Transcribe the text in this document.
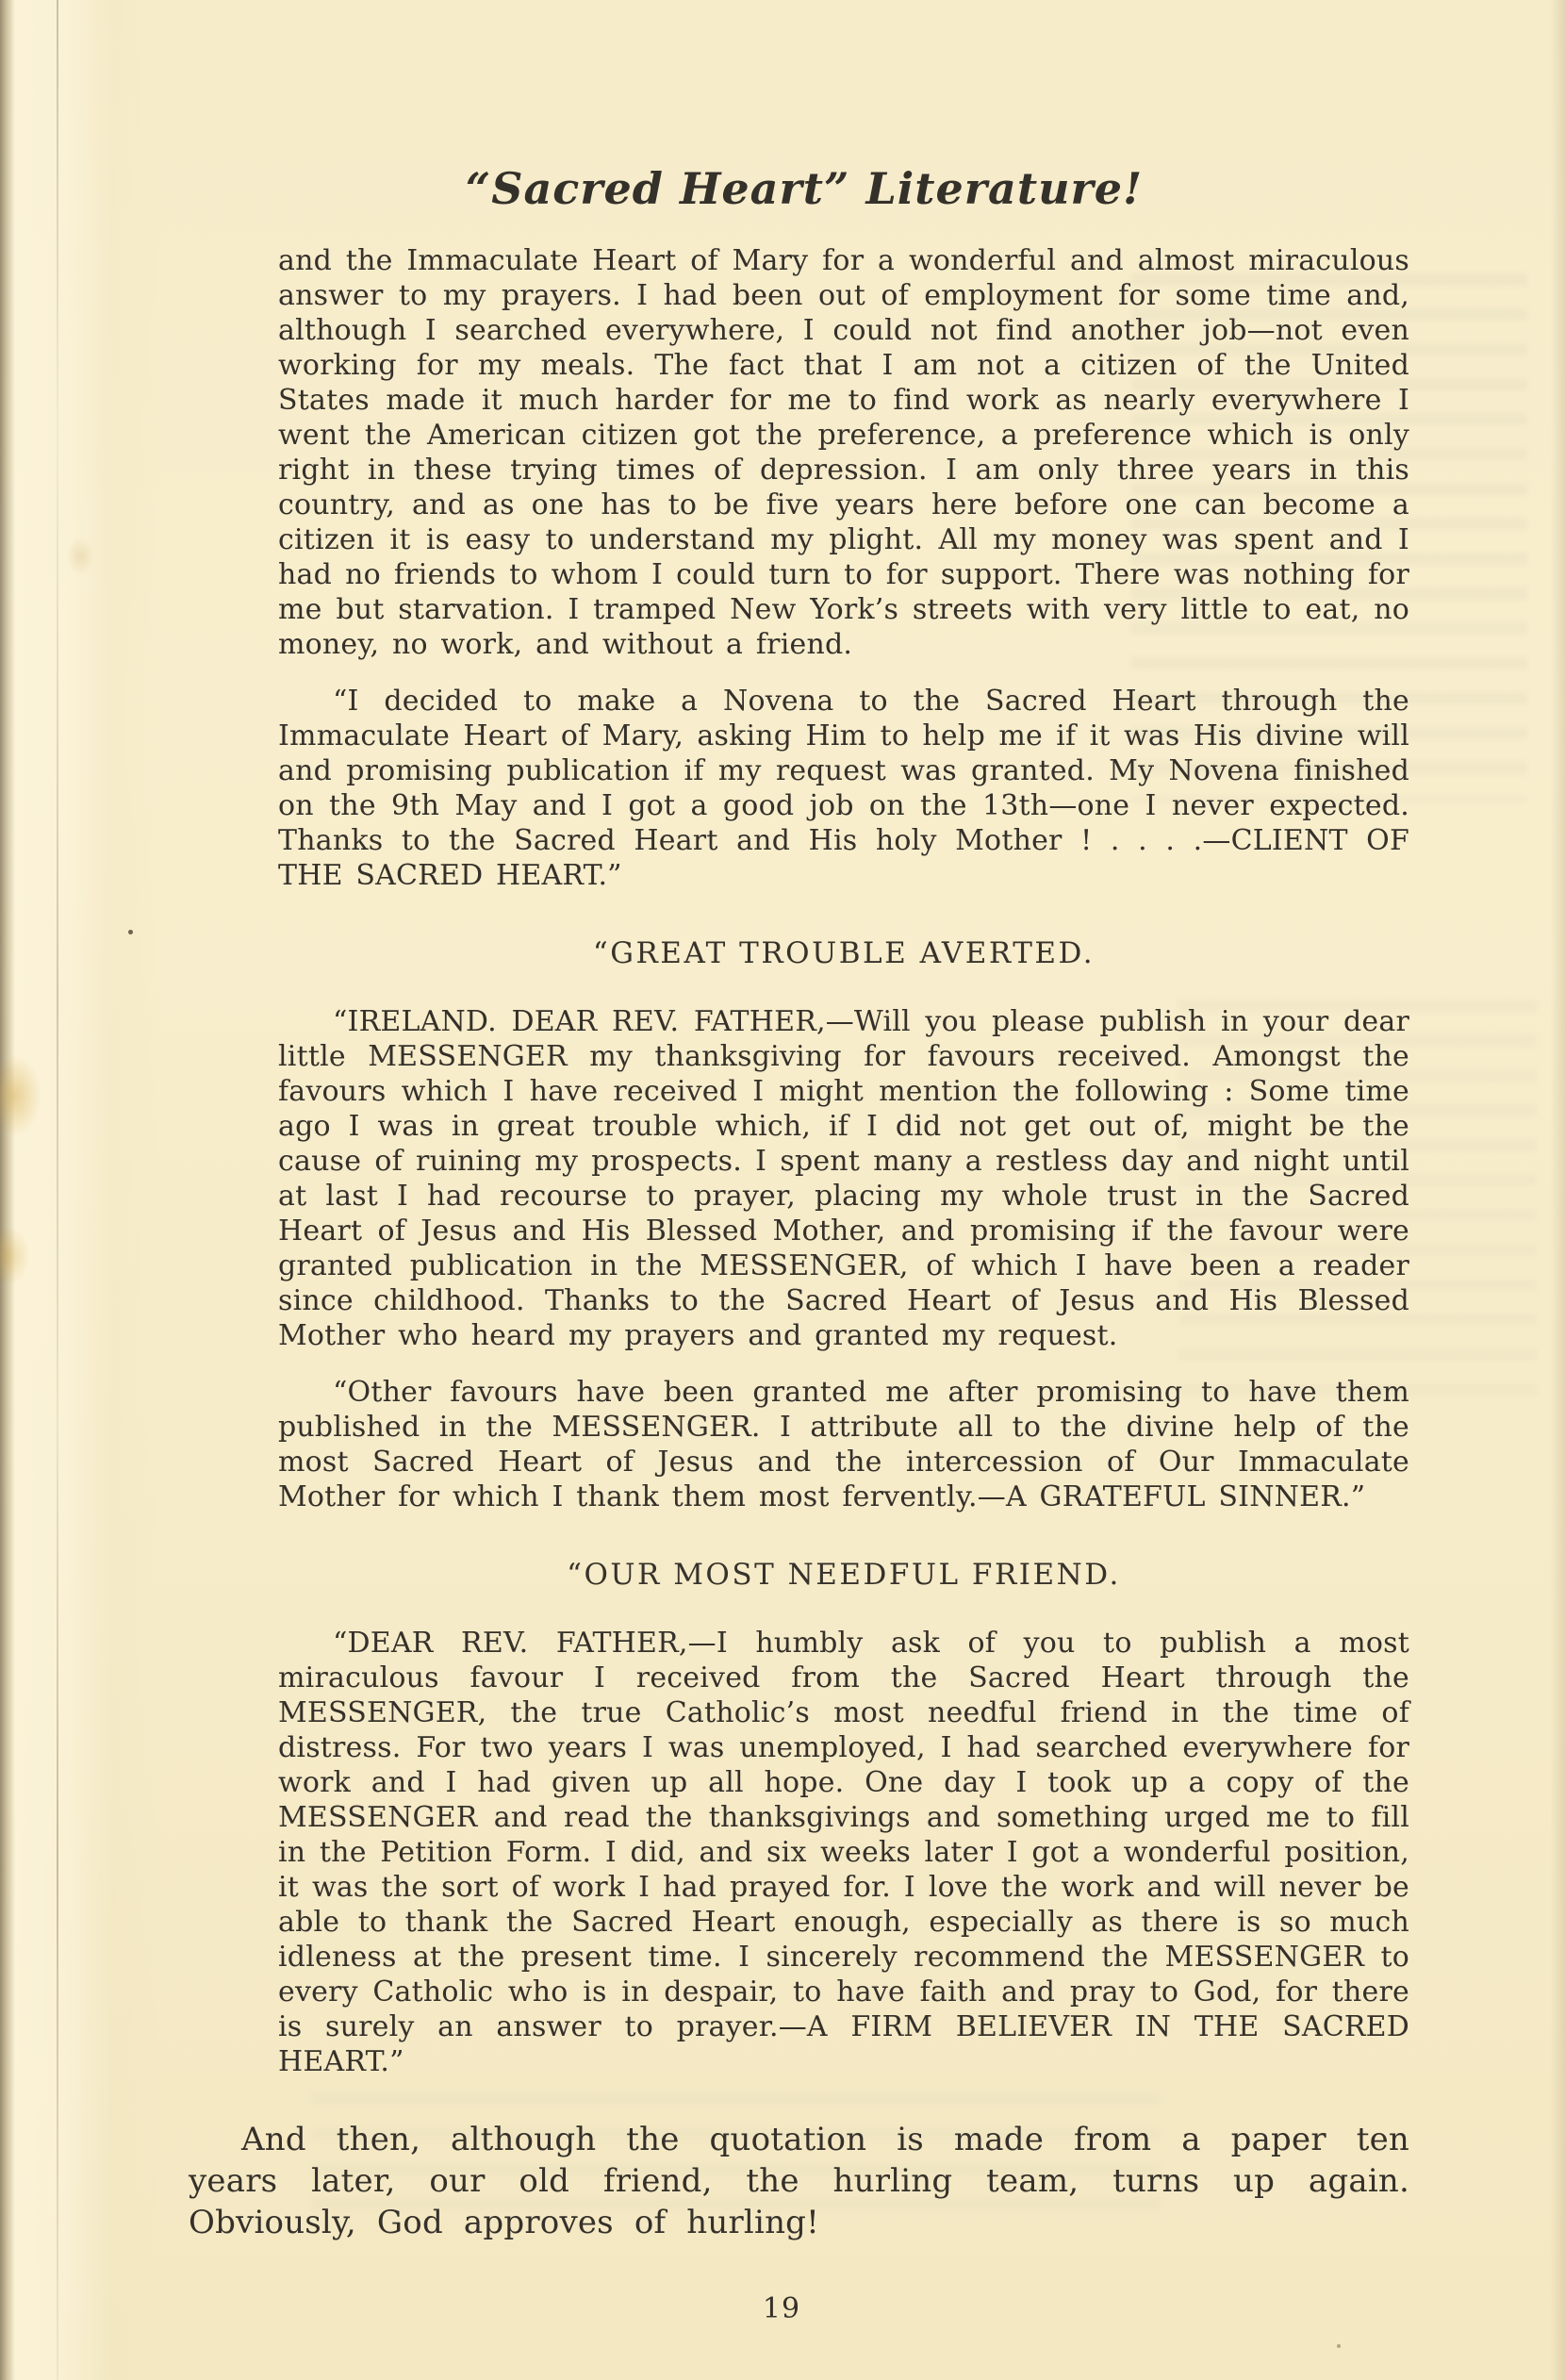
“Sacred Heart” Literature!

and the Immaculate Heart of Mary for a wonderful and almost miraculous answer to my prayers. I had been out of employment for some time and, although I searched everywhere, I could not find another job—not even working for my meals. The fact that I am not a citizen of the United States made it much harder for me to find work as nearly everywhere I went the American citizen got the preference, a preference which is only right in these trying times of depression. I am only three years in this country, and as one has to be five years here before one can become a citizen it is easy to understand my plight. All my money was spent and I had no friends to whom I could turn to for support. There was nothing for me but starvation. I tramped New York’s streets with very little to eat, no money, no work, and without a friend.

“I decided to make a Novena to the Sacred Heart through the Immaculate Heart of Mary, asking Him to help me if it was His divine will and promising publication if my request was granted. My Novena finished on the 9th May and I got a good job on the 13th—one I never expected. Thanks to the Sacred Heart and His holy Mother ! . . . .—CLIENT OF THE SACRED HEART.”

“GREAT TROUBLE AVERTED.

“IRELAND. DEAR REV. FATHER,—Will you please publish in your dear little MESSENGER my thanksgiving for favours received. Amongst the favours which I have received I might mention the following : Some time ago I was in great trouble which, if I did not get out of, might be the cause of ruining my prospects. I spent many a restless day and night until at last I had recourse to prayer, placing my whole trust in the Sacred Heart of Jesus and His Blessed Mother, and promising if the favour were granted publication in the MESSENGER, of which I have been a reader since childhood. Thanks to the Sacred Heart of Jesus and His Blessed Mother who heard my prayers and granted my request.

“Other favours have been granted me after promising to have them published in the MESSENGER. I attribute all to the divine help of the most Sacred Heart of Jesus and the intercession of Our Immaculate Mother for which I thank them most fervently.—A GRATEFUL SINNER.”

“OUR MOST NEEDFUL FRIEND.

“DEAR REV. FATHER,—I humbly ask of you to publish a most miraculous favour I received from the Sacred Heart through the MESSENGER, the true Catholic’s most needful friend in the time of distress. For two years I was unemployed, I had searched everywhere for work and I had given up all hope. One day I took up a copy of the MESSENGER and read the thanksgivings and something urged me to fill in the Petition Form. I did, and six weeks later I got a wonderful position, it was the sort of work I had prayed for. I love the work and will never be able to thank the Sacred Heart enough, especially as there is so much idleness at the present time. I sincerely recommend the MESSENGER to every Catholic who is in despair, to have faith and pray to God, for there is surely an answer to prayer.—A FIRM BELIEVER IN THE SACRED HEART.”

And then, although the quotation is made from a paper ten years later, our old friend, the hurling team, turns up again. Obviously, God approves of hurling!

19
